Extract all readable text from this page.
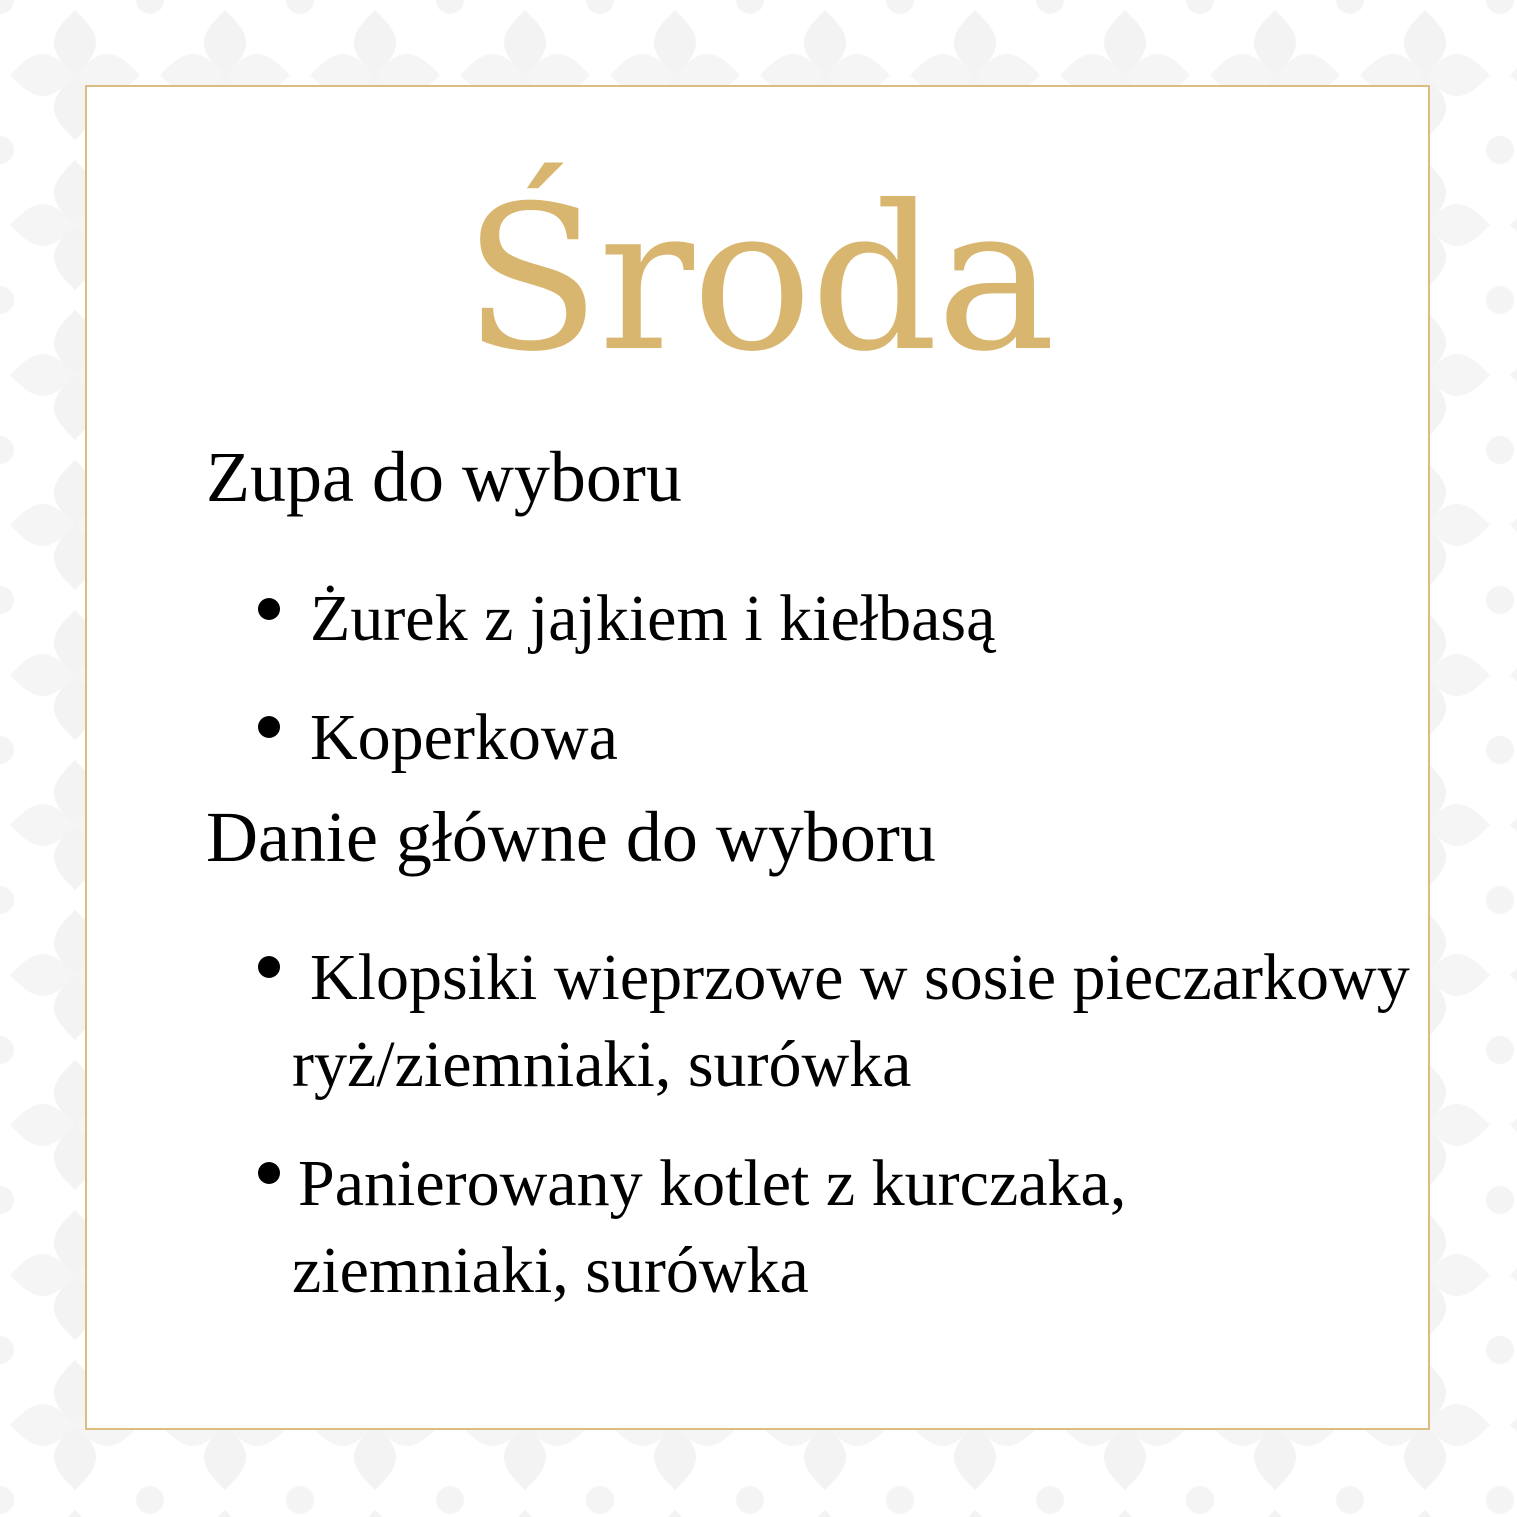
Środa
Zupa do wyboru

Żurek z jajkiem i kiełbasą

Koperkowa

Danie główne do wyboru

Klopsiki wieprzowe w sosie pieczarkowy

ryż/ziemniaki, surówka

Panierowany kotlet z kurczaka,

ziemniaki, surówka
